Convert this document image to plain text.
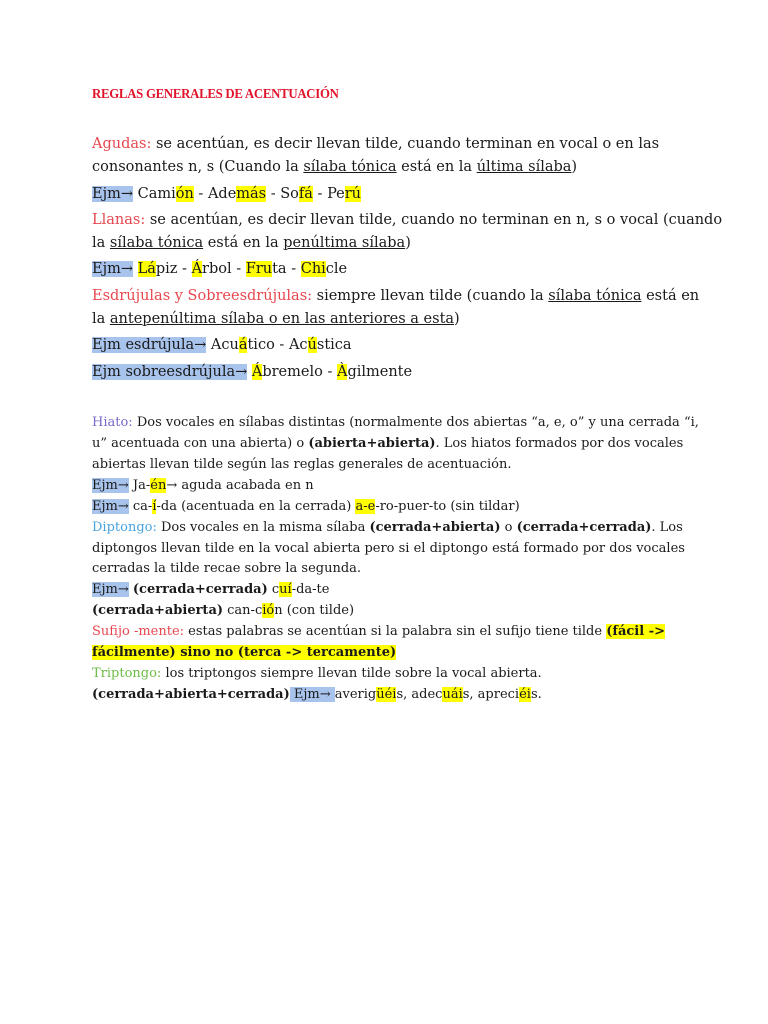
REGLAS GENERALES DE ACENTUACIÓN
Agudas: se acentúan, es decir llevan tilde, cuando terminan en vocal o en las
consonantes n, s (Cuando la sílaba tónica está en la última sílaba)
Ejm→ Camión - Además - Sofá - Perú
Llanas: se acentúan, es decir llevan tilde, cuando no terminan en n, s o vocal (cuando
la sílaba tónica está en la penúltima sílaba)
Ejm→ Lápiz - Árbol - Fruta - Chicle
Esdrújulas y Sobreesdrújulas: siempre llevan tilde (cuando la sílaba tónica está en
la antepenúltima sílaba o en las anteriores a esta)
Ejm esdrújula→ Acuático - Acústica
Ejm sobreesdrújula→ Ábremelo - Àgilmente
Hiato: Dos vocales en sílabas distintas (normalmente dos abiertas “a, e, o” y una cerrada “i,
u” acentuada con una abierta) o (abierta+abierta). Los hiatos formados por dos vocales
abiertas llevan tilde según las reglas generales de acentuación.
Ejm→ Ja-én→ aguda acabada en n
Ejm→ ca-í-da (acentuada en la cerrada) a-e-ro-puer-to (sin tildar)
Diptongo: Dos vocales en la misma sílaba (cerrada+abierta) o (cerrada+cerrada). Los
diptongos llevan tilde en la vocal abierta pero si el diptongo está formado por dos vocales
cerradas la tilde recae sobre la segunda.
Ejm→ (cerrada+cerrada) cuí-da-te
(cerrada+abierta) can-ción (con tilde)
Sufijo -mente: estas palabras se acentúan si la palabra sin el sufijo tiene tilde (fácil ->
fácilmente) sino no (terca -> tercamente)
Triptongo: los triptongos siempre llevan tilde sobre la vocal abierta.
(cerrada+abierta+cerrada) Ejm→ averigüéis, adecuáis, apreciéis.
